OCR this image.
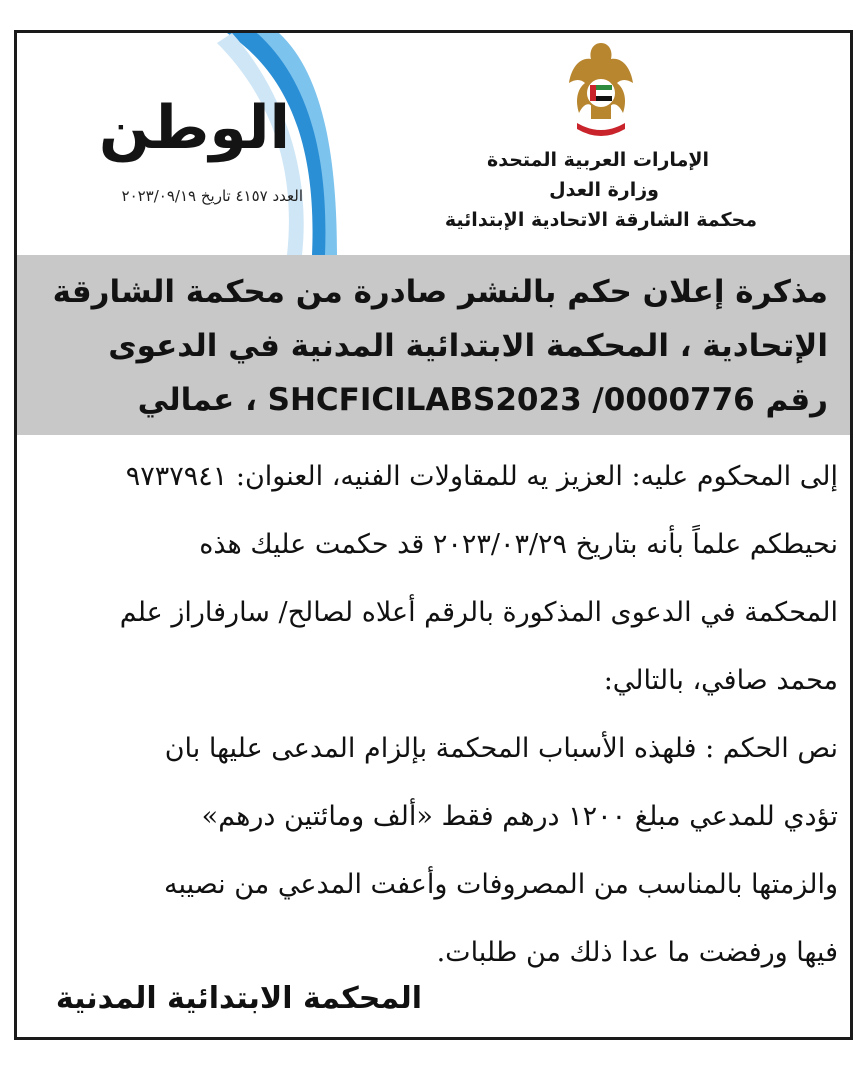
الوطن
العدد ٤١٥٧ تاريخ ٢٠٢٣/٠٩/١٩
الإمارات العربية المتحدة
وزارة العدل
محكمة الشارقة الاتحادية الإبتدائية
مذكرة إعلان حكم بالنشر صادرة من محكمة الشارقة
الإتحادية ، المحكمة الابتدائية المدنية في الدعوى
رقم SHCFICILABS2023 /0000776 ، عمالي

إلى المحكوم عليه: العزيز يه للمقاولات الفنيه، العنوان: ٩٧٣٧٩٤١

نحيطكم علماً بأنه بتاريخ ٢٠٢٣/٠٣/٢٩ قد حكمت عليك هذه

المحكمة في الدعوى المذكورة بالرقم أعلاه لصالح/ سارفاراز علم

محمد صافي، بالتالي:

نص الحكم : فلهذه الأسباب المحكمة بإلزام المدعى عليها بان

تؤدي للمدعي مبلغ ١٢٠٠ درهم فقط «ألف ومائتين درهم»

والزمتها بالمناسب من المصروفات وأعفت المدعي من نصيبه

فيها ورفضت ما عدا ذلك من طلبات.

المحكمة الابتدائية المدنية
